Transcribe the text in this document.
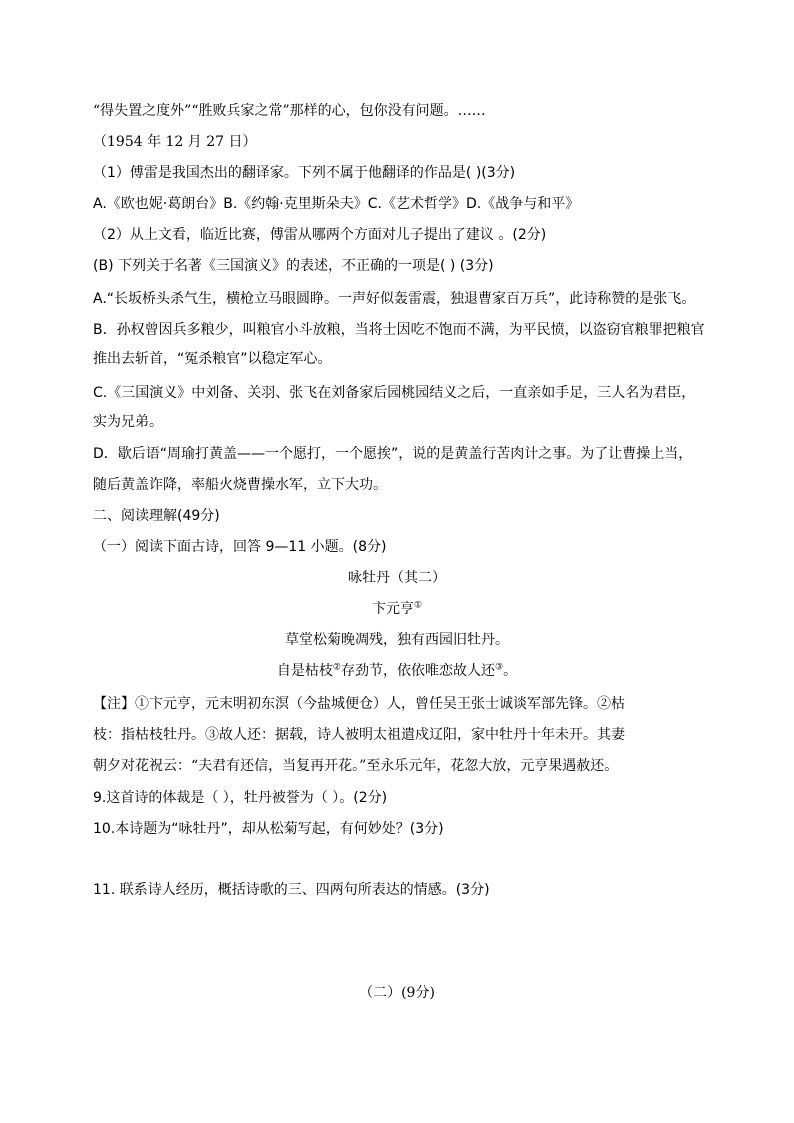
“得失置之度外”“胜败兵家之常”那样的心，包你没有问题。……
（1954 年 12 月 27 日）
（1）傅雷是我国杰出的翻译家。下列不属于他翻译的作品是( )(3分)
A.《欧也妮·葛朗台》B.《约翰·克里斯朵夫》C.《艺术哲学》D.《战争与和平》
（2）从上文看，临近比赛，傅雷从哪两个方面对儿子提出了建议 。(2分)
(B) 下列关于名著《三国演义》的表述，不正确的一项是( ) (3分)
A.“长坂桥头杀气生，横枪立马眼圆睁。一声好似轰雷震，独退曹家百万兵”，此诗称赞的是张飞。
B．孙权曾因兵多粮少，叫粮官小斗放粮，当将士因吃不饱而不满，为平民愤，以盗窃官粮罪把粮官
推出去斩首，“冤杀粮官”以稳定军心。
C.《三国演义》中刘备、关羽、张飞在刘备家后园桃园结义之后，一直亲如手足，三人名为君臣，
实为兄弟。
D．歇后语“周瑜打黄盖——一个愿打，一个愿挨”，说的是黄盖行苦肉计之事。为了让曹操上当，
随后黄盖诈降，率船火烧曹操水军，立下大功。
二、阅读理解(49分)
（一）阅读下面古诗，回答 9—11 小题。(8分)
咏牡丹（其二）
卞元亨①
草堂松菊晚凋残，独有西园旧牡丹。
自是枯枝②存劲节，依依唯恋故人还③。
【注】①卞元亨，元末明初东溟（今盐城便仓）人，曾任吴王张士诚谈军部先锋。②枯
枝：指枯枝牡丹。③故人还：据载，诗人被明太祖遣戍辽阳，家中牡丹十年未开。其妻
朝夕对花祝云：“夫君有还信，当复再开花。”至永乐元年，花忽大放，元亨果遇赦还。
9.这首诗的体裁是（ ），牡丹被誉为（ ）。(2分)
10.本诗题为“咏牡丹”，却从松菊写起，有何妙处？(3分)
11. 联系诗人经历，概括诗歌的三、四两句所表达的情感。(3分)
（二）(9分)
